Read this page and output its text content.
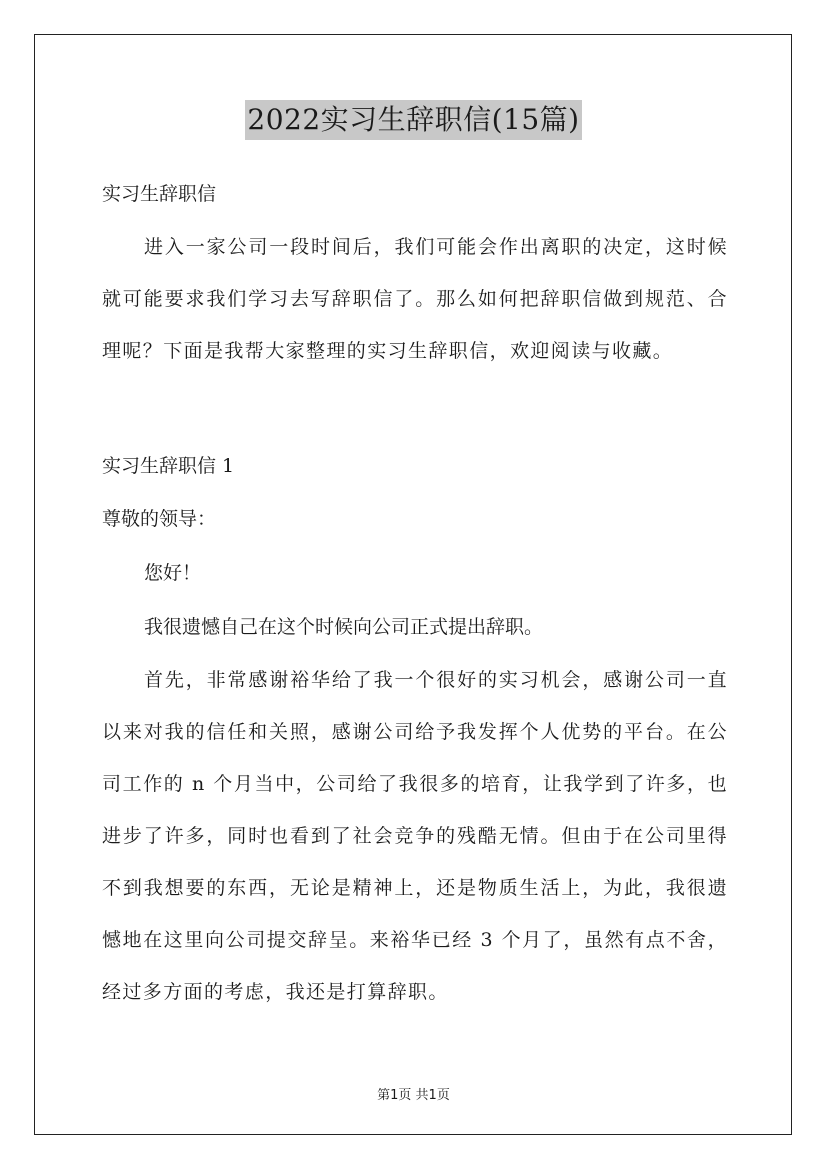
2022实习生辞职信(15篇)
实习生辞职信
进入一家公司一段时间后，我们可能会作出离职的决定，这时候就可能要求我们学习去写辞职信了。那么如何把辞职信做到规范、合理呢？下面是我帮大家整理的实习生辞职信，欢迎阅读与收藏。
实习生辞职信 1
尊敬的领导：
您好！
我很遗憾自己在这个时候向公司正式提出辞职。
首先，非常感谢裕华给了我一个很好的实习机会，感谢公司一直以来对我的信任和关照，感谢公司给予我发挥个人优势的平台。在公司工作的 n 个月当中，公司给了我很多的培育，让我学到了许多，也进步了许多，同时也看到了社会竞争的残酷无情。但由于在公司里得不到我想要的东西，无论是精神上，还是物质生活上，为此，我很遗憾地在这里向公司提交辞呈。来裕华已经 3 个月了，虽然有点不舍，经过多方面的考虑，我还是打算辞职。
第1页 共1页
